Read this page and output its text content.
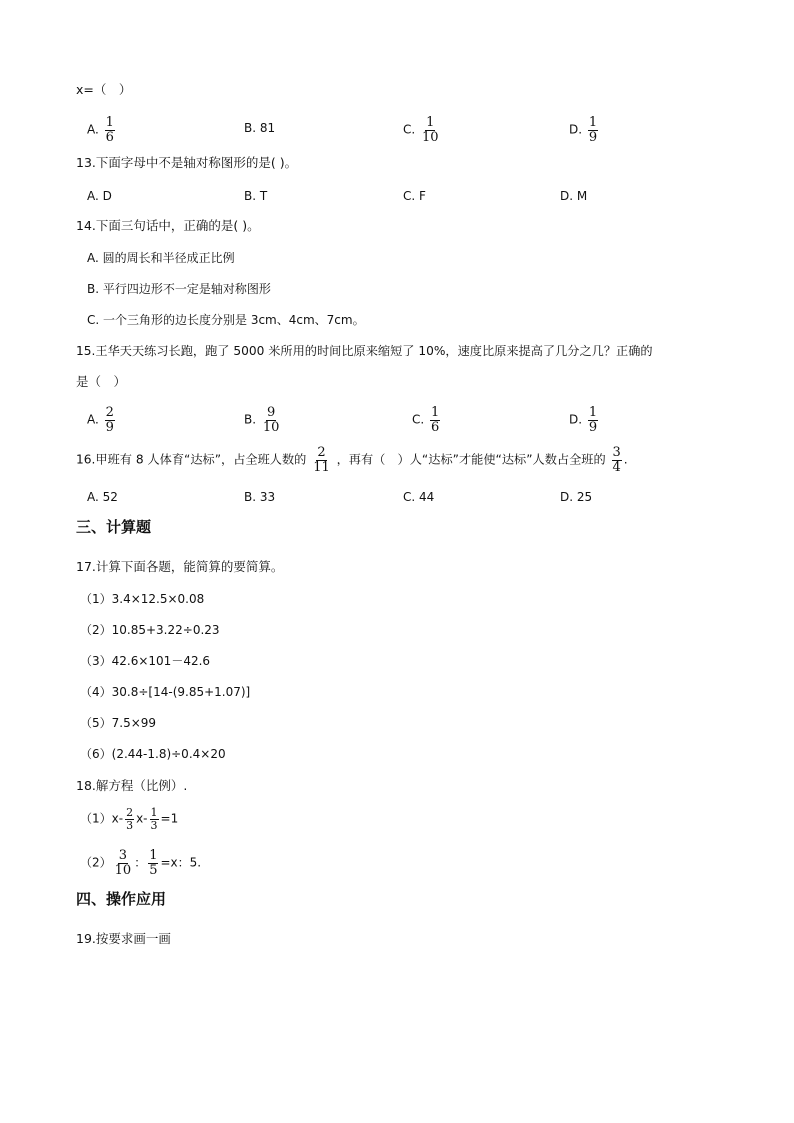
x=（　）
A. $\frac{1}{6}$	B. 81	C. $\frac{1}{10}$	D. $\frac{1}{9}$
13.下面字母中不是轴对称图形的是( )。
A. D	B. T	C. F	D. M
14.下面三句话中，正确的是( )。
A. 圆的周长和半径成正比例
B. 平行四边形不一定是轴对称图形
C. 一个三角形的边长度分别是 3cm、4cm、7cm。
15.王华天天练习长跑，跑了 5000 米所用的时间比原来缩短了 10%，速度比原来提高了几分之几？正确的
是（　）
A. $\frac{2}{9}$	B. $\frac{9}{10}$	C. $\frac{1}{6}$	D. $\frac{1}{9}$
16.甲班有 8 人体育“达标”，占全班人数的 $\frac{2}{11}$ ，再有（　）人“达标”才能使“达标”人数占全班的 $\frac{3}{4}$ .
A. 52	B. 33	C. 44	D. 25
三、计算题
17.计算下面各题，能简算的要简算。
（1）3.4×12.5×0.08
（2）10.85+3.22÷0.23
（3）42.6×101－42.6
（4）30.8÷[14-(9.85+1.07)]
（5）7.5×99
（6）(2.44-1.8)÷0.4×20
18.解方程（比例）.
$(1)x- \frac{2}{3} x- \frac{1}{3} =1$
$(2) \frac{3}{10}$ ： $\frac{1}{5} =x$：5.
四、操作应用
19.按要求画一画
